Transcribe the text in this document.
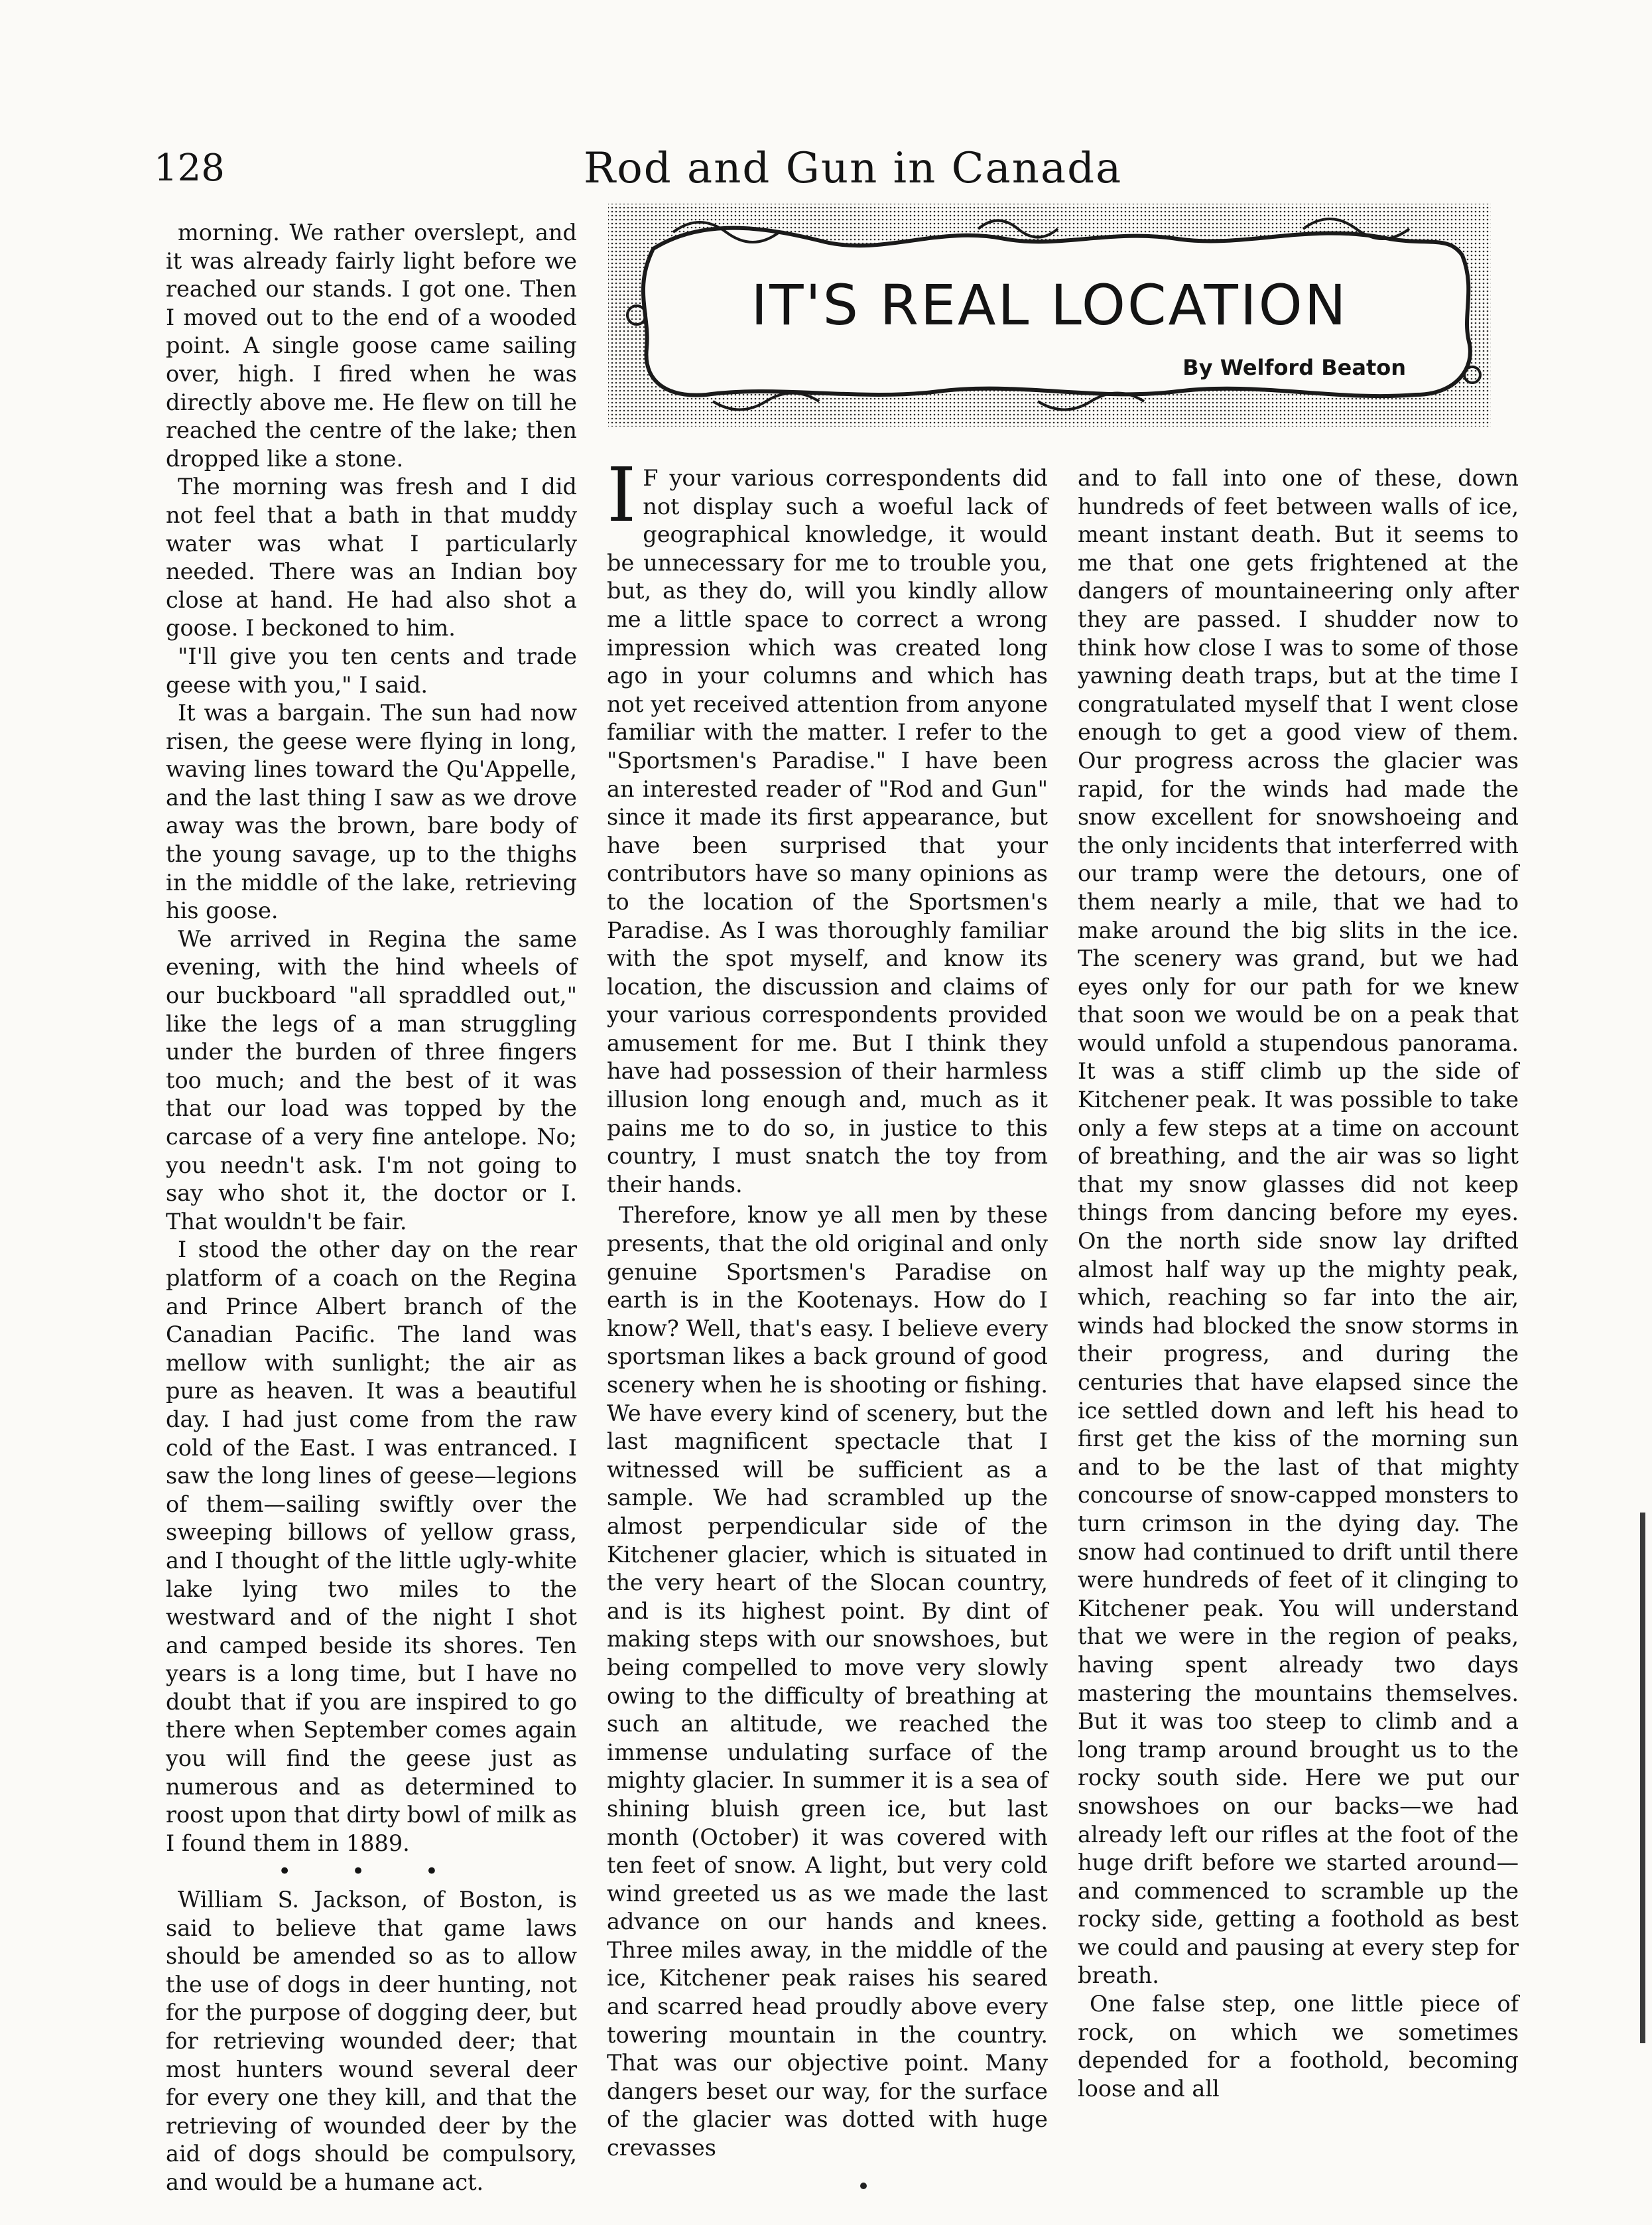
128	Rod and Gun in Canada

morning. We rather overslept, and it was already fairly light before we reached our stands. I got one. Then I moved out to the end of a wooded point. A single goose came sailing over, high. I fired when he was directly above me. He flew on till he reached the centre of the lake; then dropped like a stone.

The morning was fresh and I did not feel that a bath in that muddy water was what I particularly needed. There was an Indian boy close at hand. He had also shot a goose. I beckoned to him.

"I'll give you ten cents and trade geese with you," I said.

It was a bargain. The sun had now risen, the geese were flying in long, waving lines toward the Qu'Appelle, and the last thing I saw as we drove away was the brown, bare body of the young savage, up to the thighs in the middle of the lake, retrieving his goose.

We arrived in Regina the same evening, with the hind wheels of our buckboard "all spraddled out," like the legs of a man struggling under the burden of three fingers too much; and the best of it was that our load was topped by the carcase of a very fine antelope. No; you needn't ask. I'm not going to say who shot it, the doctor or I. That wouldn't be fair.

I stood the other day on the rear platform of a coach on the Regina and Prince Albert branch of the Canadian Pacific. The land was mellow with sunlight; the air as pure as heaven. It was a beautiful day. I had just come from the raw cold of the East. I was entranced. I saw the long lines of geese—legions of them—sailing swiftly over the sweeping billows of yellow grass, and I thought of the little ugly-white lake lying two miles to the westward and of the night I shot and camped beside its shores. Ten years is a long time, but I have no doubt that if you are inspired to go there when September comes again you will find the geese just as numerous and as determined to roost upon that dirty bowl of milk as I found them in 1889.

• • •

William S. Jackson, of Boston, is said to believe that game laws should be amended so as to allow the use of dogs in deer hunting, not for the purpose of dogging deer, but for retrieving wounded deer; that most hunters wound several deer for every one they kill, and that the retrieving of wounded deer by the aid of dogs should be compulsory, and would be a humane act.

IT'S REAL LOCATION
By Welford Beaton

I F your various correspondents did not display such a woeful lack of geographical knowledge, it would be unnecessary for me to trouble you, but, as they do, will you kindly allow me a little space to correct a wrong impression which was created long ago in your columns and which has not yet received attention from anyone familiar with the matter. I refer to the "Sportsmen's Paradise." I have been an interested reader of "Rod and Gun" since it made its first appearance, but have been surprised that your contributors have so many opinions as to the location of the Sportsmen's Paradise. As I was thoroughly familiar with the spot myself, and know its location, the discussion and claims of your various correspondents provided amusement for me. But I think they have had possession of their harmless illusion long enough and, much as it pains me to do so, in justice to this country, I must snatch the toy from their hands.

Therefore, know ye all men by these presents, that the old original and only genuine Sportsmen's Paradise on earth is in the Kootenays. How do I know? Well, that's easy. I believe every sportsman likes a back ground of good scenery when he is shooting or fishing. We have every kind of scenery, but the last magnificent spectacle that I witnessed will be sufficient as a sample. We had scrambled up the almost perpendicular side of the Kitchener glacier, which is situated in the very heart of the Slocan country, and is its highest point. By dint of making steps with our snowshoes, but being compelled to move very slowly owing to the difficulty of breathing at such an altitude, we reached the immense undulating surface of the mighty glacier. In summer it is a sea of shining bluish green ice, but last month (October) it was covered with ten feet of snow. A light, but very cold wind greeted us as we made the last advance on our hands and knees. Three miles away, in the middle of the ice, Kitchener peak raises his seared and scarred head proudly above every towering mountain in the country. That was our objective point. Many dangers beset our way, for the surface of the glacier was dotted with huge crevasses

and to fall into one of these, down hundreds of feet between walls of ice, meant instant death. But it seems to me that one gets frightened at the dangers of mountaineering only after they are passed. I shudder now to think how close I was to some of those yawning death traps, but at the time I congratulated myself that I went close enough to get a good view of them. Our progress across the glacier was rapid, for the winds had made the snow excellent for snowshoeing and the only incidents that interferred with our tramp were the detours, one of them nearly a mile, that we had to make around the big slits in the ice. The scenery was grand, but we had eyes only for our path for we knew that soon we would be on a peak that would unfold a stupendous panorama. It was a stiff climb up the side of Kitchener peak. It was possible to take only a few steps at a time on account of breathing, and the air was so light that my snow glasses did not keep things from dancing before my eyes. On the north side snow lay drifted almost half way up the mighty peak, which, reaching so far into the air, winds had blocked the snow storms in their progress, and during the centuries that have elapsed since the ice settled down and left his head to first get the kiss of the morning sun and to be the last of that mighty concourse of snow-capped monsters to turn crimson in the dying day. The snow had continued to drift until there were hundreds of feet of it clinging to Kitchener peak. You will understand that we were in the region of peaks, having spent already two days mastering the mountains themselves. But it was too steep to climb and a long tramp around brought us to the rocky south side. Here we put our snowshoes on our backs—we had already left our rifles at the foot of the huge drift before we started around—and commenced to scramble up the rocky side, getting a foothold as best we could and pausing at every step for breath.

One false step, one little piece of rock, on which we sometimes depended for a foothold, becoming loose and all
